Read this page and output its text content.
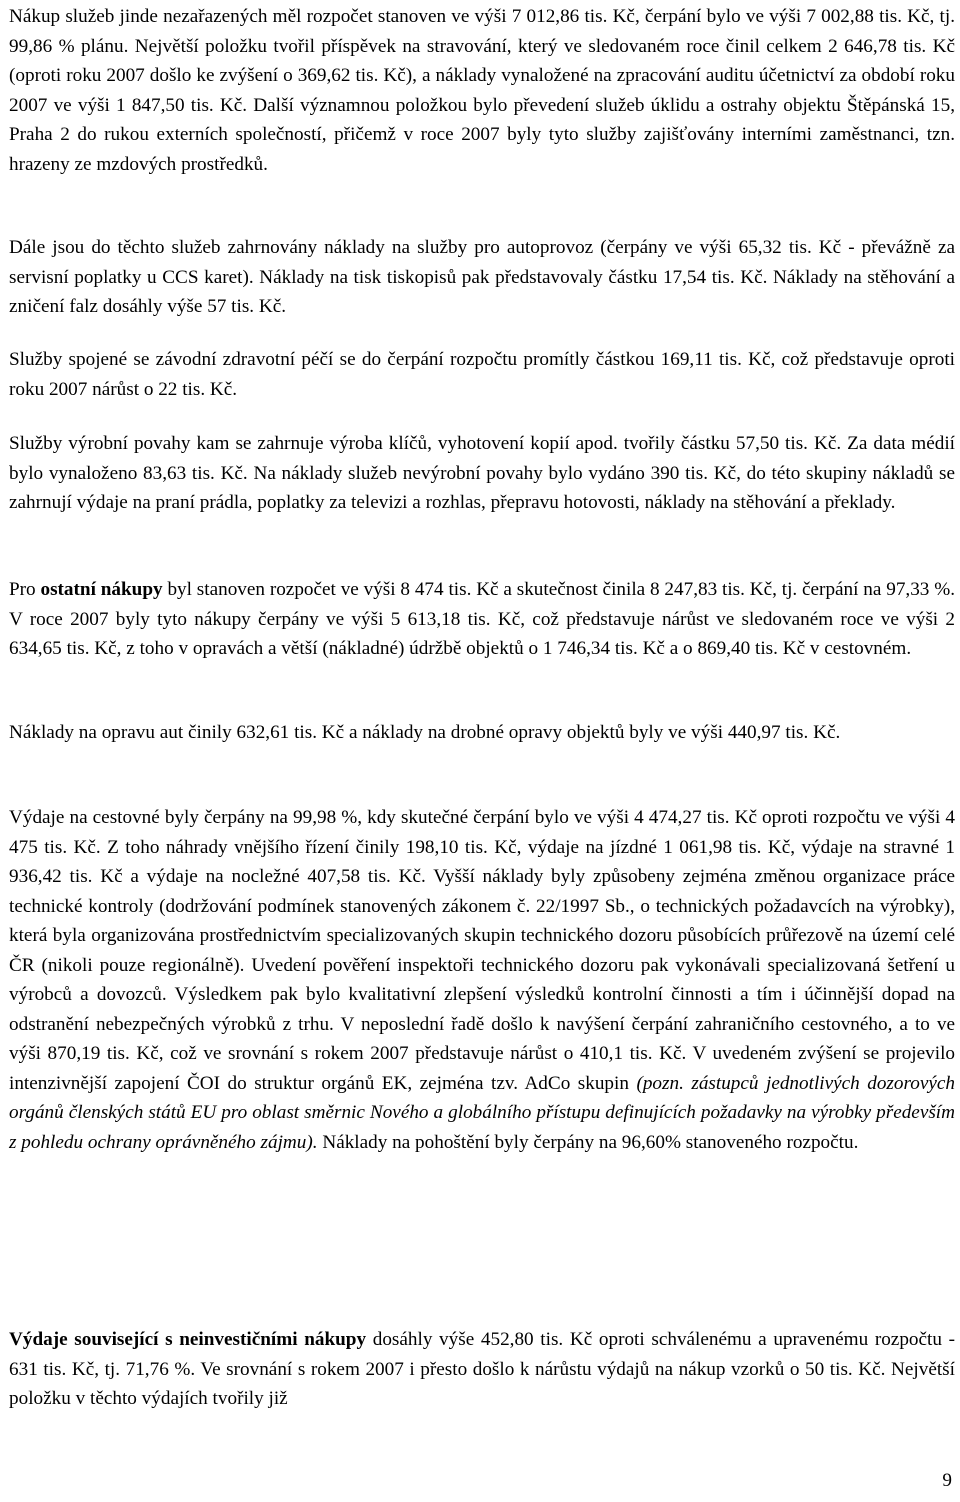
Nákup služeb jinde nezařazených měl rozpočet stanoven ve výši 7 012,86 tis. Kč, čerpání bylo ve výši 7 002,88 tis. Kč, tj. 99,86 % plánu. Největší položku tvořil příspěvek na stravování, který ve sledovaném roce činil celkem 2 646,78 tis. Kč (oproti roku 2007 došlo ke zvýšení o 369,62 tis. Kč), a náklady vynaložené na zpracování auditu účetnictví za období roku 2007 ve výši 1 847,50 tis. Kč. Další významnou položkou bylo převedení služeb úklidu a ostrahy objektu Štěpánská 15, Praha 2 do rukou externích společností, přičemž v roce 2007 byly tyto služby zajišťovány interními zaměstnanci, tzn. hrazeny ze mzdových prostředků.

Dále jsou do těchto služeb zahrnovány náklady na služby pro autoprovoz (čerpány ve výši 65,32 tis. Kč - převážně za servisní poplatky u CCS karet). Náklady na tisk tiskopisů pak představovaly částku 17,54 tis. Kč. Náklady na stěhování a zničení falz dosáhly výše 57 tis. Kč.

Služby spojené se závodní zdravotní péčí se do čerpání rozpočtu promítly částkou 169,11 tis. Kč, což představuje oproti roku 2007 nárůst o 22 tis. Kč.

Služby výrobní povahy kam se zahrnuje výroba klíčů, vyhotovení kopií apod. tvořily částku 57,50 tis. Kč. Za data médií bylo vynaloženo 83,63 tis. Kč. Na náklady služeb nevýrobní povahy bylo vydáno 390 tis. Kč, do této skupiny nákladů se zahrnují výdaje na praní prádla, poplatky za televizi a rozhlas, přepravu hotovosti, náklady na stěhování a překlady.

Pro ostatní nákupy byl stanoven rozpočet ve výši 8 474 tis. Kč a skutečnost činila 8 247,83 tis. Kč, tj. čerpání na 97,33 %. V roce 2007 byly tyto nákupy čerpány ve výši 5 613,18 tis. Kč, což představuje nárůst ve sledovaném roce ve výši 2 634,65 tis. Kč, z toho v opravách a větší (nákladné) údržbě objektů o 1 746,34 tis. Kč a o 869,40 tis. Kč v cestovném.

Náklady na opravu aut činily 632,61 tis. Kč a náklady na drobné opravy objektů byly ve výši 440,97 tis. Kč.

Výdaje na cestovné byly čerpány na 99,98 %, kdy skutečné čerpání bylo ve výši 4 474,27 tis. Kč oproti rozpočtu ve výši 4 475 tis. Kč. Z toho náhrady vnějšího řízení činily 198,10 tis. Kč, výdaje na jízdné 1 061,98 tis. Kč, výdaje na stravné 1 936,42 tis. Kč a výdaje na nocležné 407,58 tis. Kč. Vyšší náklady byly způsobeny zejména změnou organizace práce technické kontroly (dodržování podmínek stanovených zákonem č. 22/1997 Sb., o technických požadavcích na výrobky), která byla organizována prostřednictvím specializovaných skupin technického dozoru působících průřezově na území celé ČR (nikoli pouze regionálně). Uvedení pověření inspektoři technického dozoru pak vykonávali specializovaná šetření u výrobců a dovozců. Výsledkem pak bylo kvalitativní zlepšení výsledků kontrolní činnosti a tím i účinnější dopad na odstranění nebezpečných výrobků z trhu. V neposlední řadě došlo k navýšení čerpání zahraničního cestovného, a to ve výši 870,19 tis. Kč, což ve srovnání s rokem 2007 představuje nárůst o 410,1 tis. Kč. V uvedeném zvýšení se projevilo intenzivnější zapojení ČOI do struktur orgánů EK, zejména tzv. AdCo skupin (pozn. zástupců jednotlivých dozorových orgánů členských států EU pro oblast směrnic Nového a globálního přístupu definujících požadavky na výrobky především z pohledu ochrany oprávněného zájmu). Náklady na pohoštění byly čerpány na 96,60% stanoveného rozpočtu.

Výdaje související s neinvestičními nákupy dosáhly výše 452,80 tis. Kč oproti schválenému a upravenému rozpočtu - 631 tis. Kč, tj. 71,76 %. Ve srovnání s rokem 2007 i přesto došlo k nárůstu výdajů na nákup vzorků o 50 tis. Kč. Největší položku v těchto výdajích tvořily již

9
